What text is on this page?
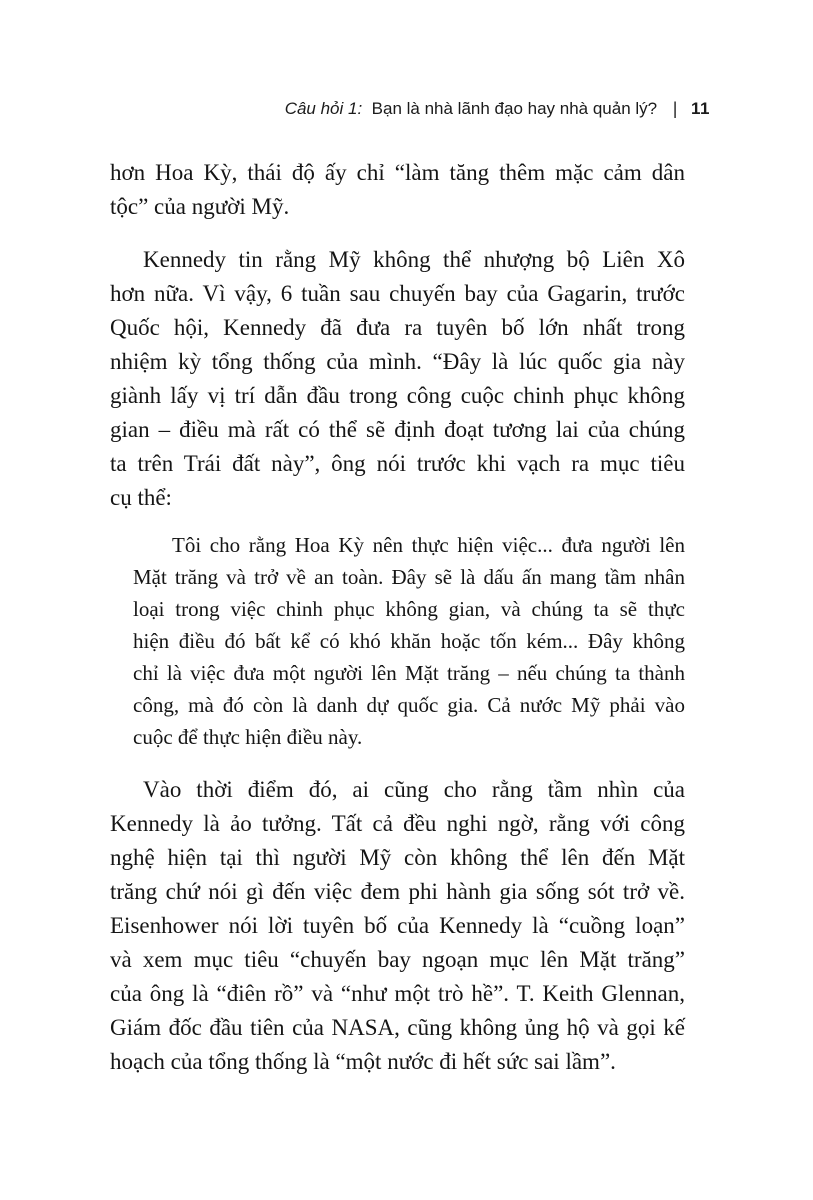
Câu hỏi 1: Bạn là nhà lãnh đạo hay nhà quản lý? | 11
hơn Hoa Kỳ, thái độ ấy chỉ “làm tăng thêm mặc cảm dân
tộc” của người Mỹ.
Kennedy tin rằng Mỹ không thể nhượng bộ Liên Xô
hơn nữa. Vì vậy, 6 tuần sau chuyến bay của Gagarin, trước
Quốc hội, Kennedy đã đưa ra tuyên bố lớn nhất trong
nhiệm kỳ tổng thống của mình. “Đây là lúc quốc gia này
giành lấy vị trí dẫn đầu trong công cuộc chinh phục không
gian – điều mà rất có thể sẽ định đoạt tương lai của chúng
ta trên Trái đất này”, ông nói trước khi vạch ra mục tiêu
cụ thể:
Tôi cho rằng Hoa Kỳ nên thực hiện việc... đưa người lên
Mặt trăng và trở về an toàn. Đây sẽ là dấu ấn mang tầm nhân
loại trong việc chinh phục không gian, và chúng ta sẽ thực
hiện điều đó bất kể có khó khăn hoặc tốn kém... Đây không
chỉ là việc đưa một người lên Mặt trăng – nếu chúng ta thành
công, mà đó còn là danh dự quốc gia. Cả nước Mỹ phải vào
cuộc để thực hiện điều này.
Vào thời điểm đó, ai cũng cho rằng tầm nhìn của
Kennedy là ảo tưởng. Tất cả đều nghi ngờ, rằng với công
nghệ hiện tại thì người Mỹ còn không thể lên đến Mặt
trăng chứ nói gì đến việc đem phi hành gia sống sót trở về.
Eisenhower nói lời tuyên bố của Kennedy là “cuồng loạn”
và xem mục tiêu “chuyến bay ngoạn mục lên Mặt trăng”
của ông là “điên rồ” và “như một trò hề”. T. Keith Glennan,
Giám đốc đầu tiên của NASA, cũng không ủng hộ và gọi kế
hoạch của tổng thống là “một nước đi hết sức sai lầm”.
